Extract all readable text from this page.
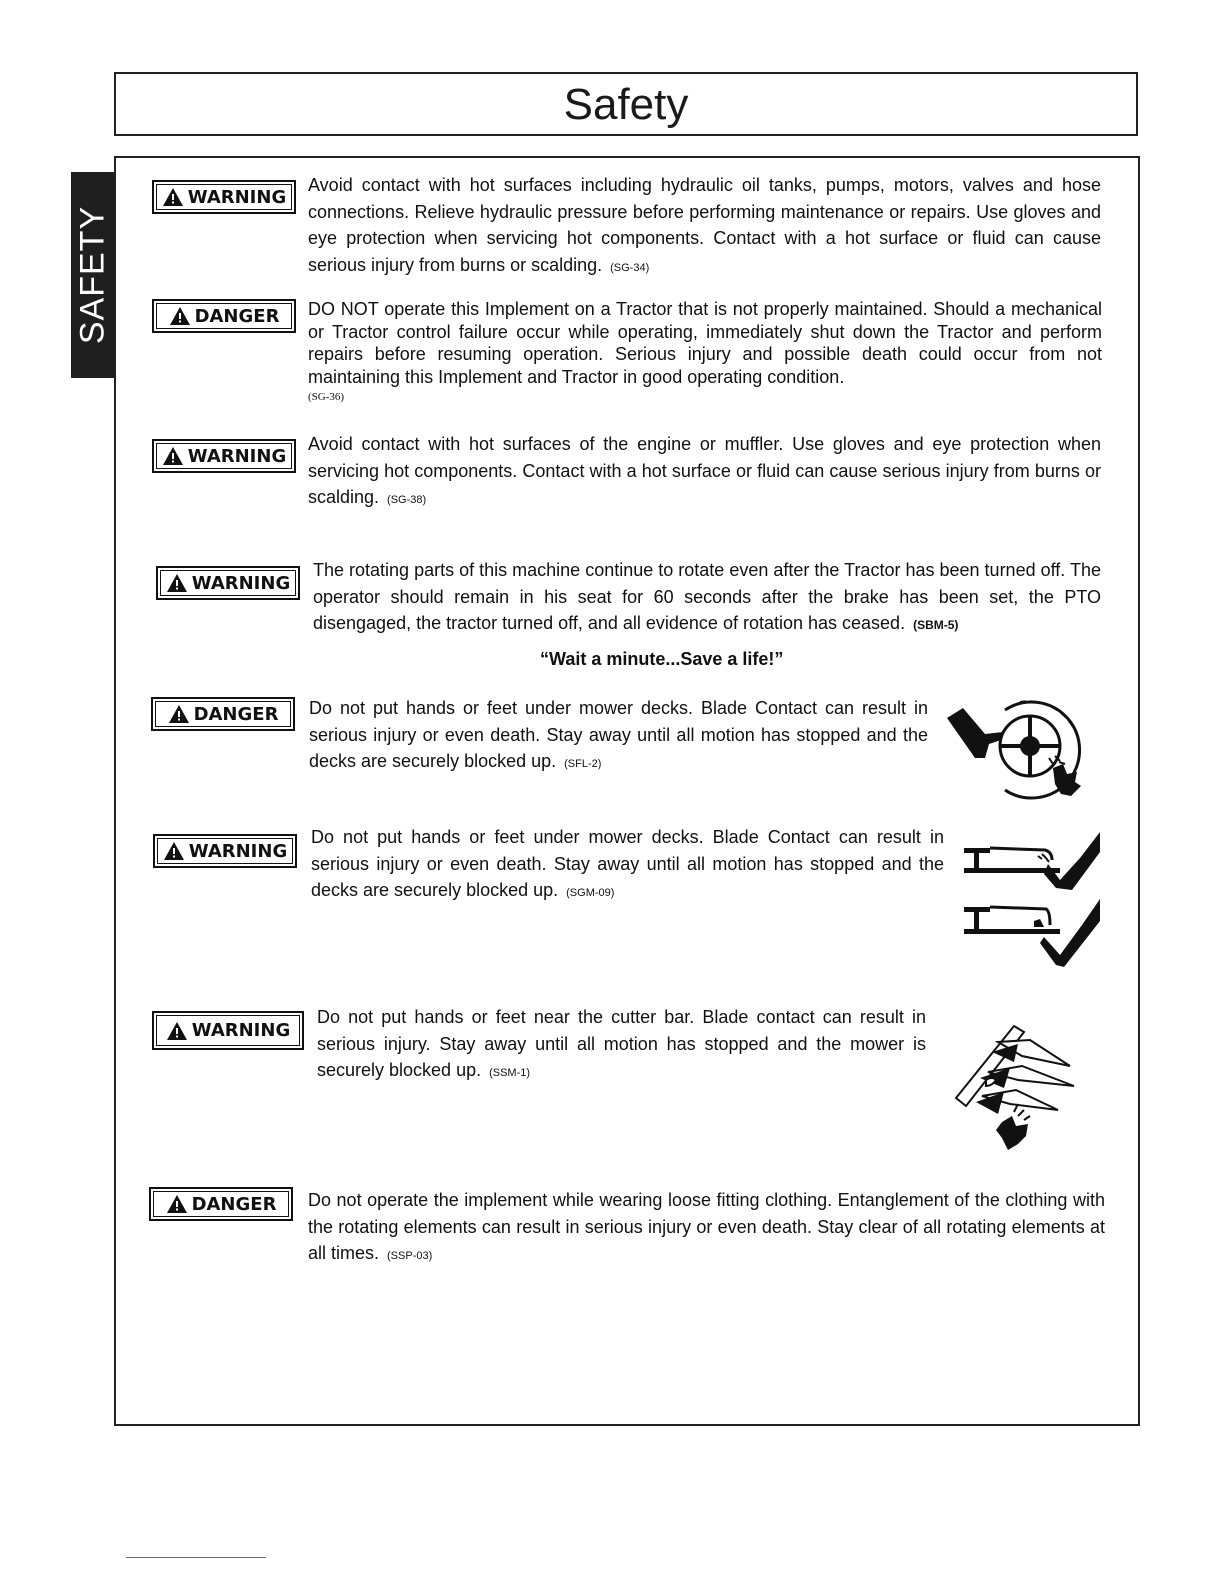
Safety
SAFETY
WARNING

Avoid contact with hot surfaces including hydraulic oil tanks, pumps, motors, valves and hose connections. Relieve hydraulic pressure before performing maintenance or repairs. Use gloves and eye protection when servicing hot components. Contact with a hot surface or fluid can cause serious injury from burns or scalding. (SG-34)

DANGER DO NOT operate this Implement on a Tractor that is not properly maintained. Should a mechanical or Tractor control failure occur while operating, immediately shut down the Tractor and perform repairs before resuming operation. Serious injury and possible death could occur from not maintaining this Implement and Tractor in good operating condition.
(SG-36)

WARNING

Avoid contact with hot surfaces of the engine or muffler. Use gloves and eye protection when servicing hot components. Contact with a hot surface or fluid can cause serious injury from burns or scalding. (SG-38)

WARNING

The rotating parts of this machine continue to rotate even after the Tractor has been turned off. The operator should remain in his seat for 60 seconds after the brake has been set, the PTO disengaged, the tractor turned off, and all evidence of rotation has ceased. (SBM-5)

“Wait a minute...Save a life!”

DANGER Do not put hands or feet under mower decks. Blade Contact can result in serious injury or even death. Stay away until all motion has stopped and the decks are securely blocked up. (SFL-2)

WARNING

Do not put hands or feet under mower decks. Blade Contact can result in serious injury or even death. Stay away until all motion has stopped and the decks are securely blocked up. (SGM-09)

WARNING

Do not put hands or feet near the cutter bar. Blade contact can result in serious injury. Stay away until all motion has stopped and the mower is securely blocked up. (SSM-1)

DANGER Do not operate the implement while wearing loose fitting clothing. Entanglement of the clothing with the rotating elements can result in serious injury or even death. Stay clear of all rotating elements at all times. (SSP-03)
